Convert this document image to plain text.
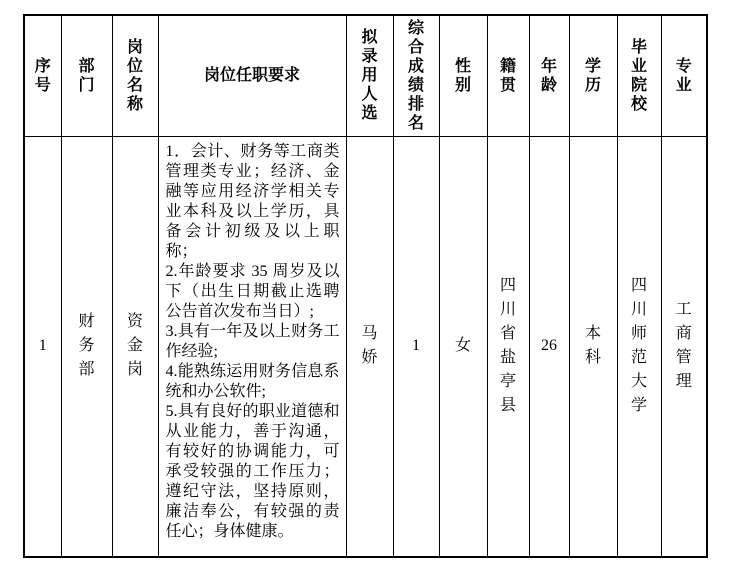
序号	部门	岗位名称	岗位任职要求	拟录用人选	综合成绩排名	性别	籍贯	年龄	学历	毕业院校	专业
1	财务部	资金岗	1．会计、财务等工商类管理类专业；经济、金融等应用经济学相关专业本科及以上学历，具备会计初级及以上职称；

2.年龄要求 35 周岁及以下（出生日期截止选聘公告首次发布当日）;

3.具有一年及以上财务工作经验;

4.能熟练运用财务信息系统和办公软件;

5.具有良好的职业道德和从业能力，善于沟通，有较好的协调能力，可承受较强的工作压力；遵纪守法，坚持原则，廉洁奉公，有较强的责任心；身体健康。	马娇	1	女	四川省盐亭县	26	本科	四川师范大学	工商管理
